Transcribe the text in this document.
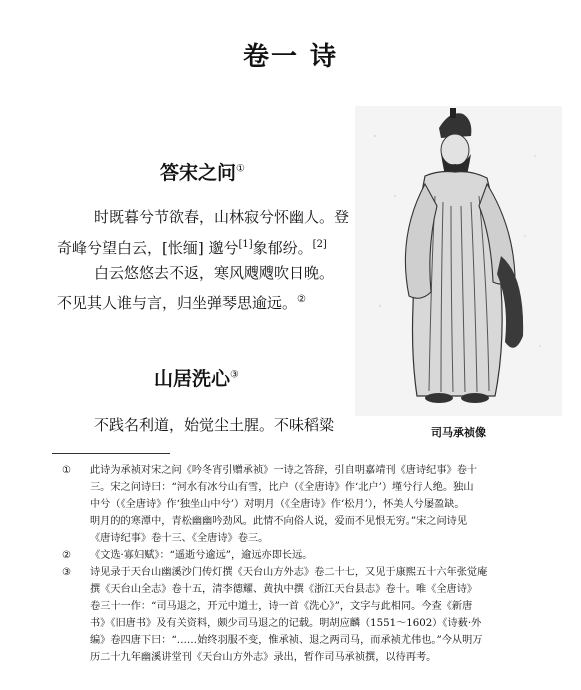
卷一 诗
答宋之问①
时既暮兮节欲春，山林寂兮怀幽人。登
奇峰兮望白云，[怅缅] 邈兮[1]象郁纷。[2]
白云悠悠去不返，寒风飕飕吹日晚。
不见其人谁与言，归坐弹琴思逾远。②
山居洗心③
不践名利道，始觉尘土腥。不味稻粱	司马承祯像
① 此诗为承祯对宋之问《吟冬宵引赠承祯》一诗之答辞，引自明嘉靖刊《唐诗纪事》卷十
三。宋之问诗曰：“河水有冰兮山有雪，比户（《全唐诗》作‘北户’）墐兮行人绝。独山
中兮（《全唐诗》作‘独坐山中兮’）对明月（《全唐诗》作‘松月’），怀美人兮屡盈缺。
明月的的寒潭中，青松幽幽吟劲风。此情不向俗人说，爱而不见恨无穷。”宋之问诗见
《唐诗纪事》卷十三、《全唐诗》卷三。
② 《文选·寡妇赋》：“遥逝兮逾远”，逾远亦即长远。
③ 诗见录于天台山幽溪沙门传灯撰《天台山方外志》卷二十七，又见于康熙五十六年张觉庵
撰《天台山全志》卷十五，清李德耀、黄执中撰《浙江天台县志》卷十。唯《全唐诗》
卷三十一作：“司马退之，开元中道士，诗一首《洗心》”，文字与此相同。今查《新唐
书》《旧唐书》及有关资料，颇少司马退之的记载。明胡应麟（1551～1602）《诗薮·外
编》卷四唐下曰：“……始终羽服不变，惟承祯、退之两司马，而承祯尤伟也。”今从明万
历二十九年幽溪讲堂刊《天台山方外志》录出，暂作司马承祯撰，以待再考。
